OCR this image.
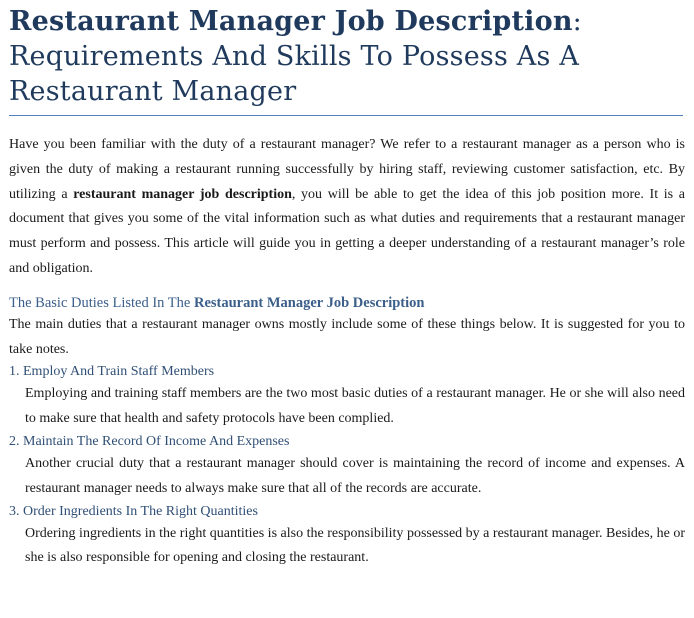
Restaurant Manager Job Description:
Requirements And Skills To Possess As A Restaurant Manager

Have you been familiar with the duty of a restaurant manager? We refer to a restaurant manager as a person who is given the duty of making a restaurant running successfully by hiring staff, reviewing customer satisfaction, etc. By utilizing a restaurant manager job description, you will be able to get the idea of this job position more. It is a document that gives you some of the vital information such as what duties and requirements that a restaurant manager must perform and possess. This article will guide you in getting a deeper understanding of a restaurant manager’s role and obligation.

The Basic Duties Listed In The Restaurant Manager Job Description

The main duties that a restaurant manager owns mostly include some of these things below. It is suggested for you to take notes.

1. Employ And Train Staff Members

Employing and training staff members are the two most basic duties of a restaurant manager. He or she will also need to make sure that health and safety protocols have been complied.

2. Maintain The Record Of Income And Expenses

Another crucial duty that a restaurant manager should cover is maintaining the record of income and expenses. A restaurant manager needs to always make sure that all of the records are accurate.

3. Order Ingredients In The Right Quantities

Ordering ingredients in the right quantities is also the responsibility possessed by a restaurant manager. Besides, he or she is also responsible for opening and closing the restaurant.
